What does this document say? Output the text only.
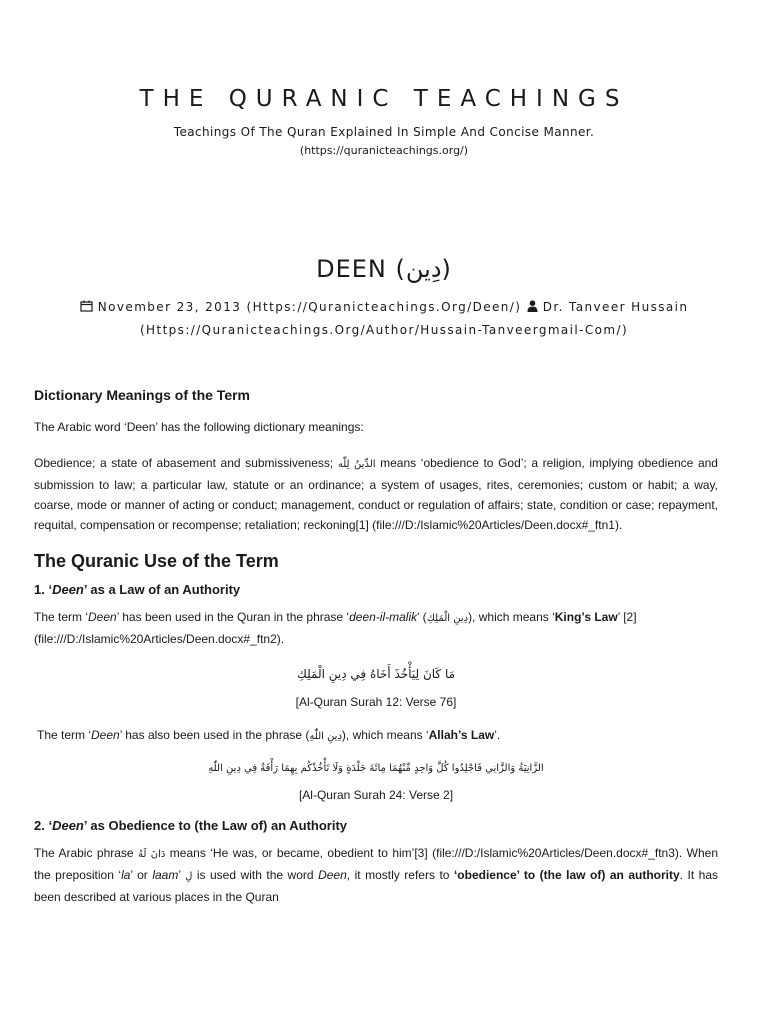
THE QURANIC TEACHINGS
Teachings Of The Quran Explained In Simple And Concise Manner.
(https://quranicteachings.org/)
DEEN (دِین)
November 23, 2013 (Https://Quranicteachings.Org/Deen/) Dr. Tanveer Hussain
(Https://Quranicteachings.Org/Author/Hussain-Tanveergmail-Com/)
Dictionary Meanings of the Term

The Arabic word ‘Deen’ has the following dictionary meanings:

Obedience; a state of abasement and submissiveness; الدِّينُ لِلّٰه means ‘obedience to God’; a religion, implying obedience and submission to law; a particular law, statute or an ordinance; a system of usages, rites, ceremonies; custom or habit; a way, coarse, mode or manner of acting or conduct; management, conduct or regulation of affairs; state, condition or case; repayment, requital, compensation or recompense; retaliation; reckoning[1] (file:///D:/Islamic%20Articles/Deen.docx#_ftn1).

The Quranic Use of the Term
1. ‘Deen’ as a Law of an Authority

The term ‘Deen’ has been used in the Quran in the phrase ‘deen-il-malik’ (دِينِ الْمَلِكِ), which means ‘King’s Law’ [2] (file:///D:/Islamic%20Articles/Deen.docx#_ftn2).

مَا كَانَ لِيَأْخُذَ أَخَاهُ فِي دِينِ الْمَلِكِ
[Al-Quran Surah 12: Verse 76]

The term ‘Deen’ has also been used in the phrase (دِينِ اللّٰهِ), which means ‘Allah’s Law’.

الزَّانِيَةُ وَالزَّانِي فَاجْلِدُوا كُلَّ وَاحِدٍ مِّنْهُمَا مِائَةَ جَلْدَةٍ وَلَا تَأْخُذْكُم بِهِمَا رَأْفَةٌ فِي دِينِ اللّٰهِ
[Al-Quran Surah 24: Verse 2]
2. ‘Deen’ as Obedience to (the Law of) an Authority

The Arabic phrase دَانَ لَهُ means ‘He was, or became, obedient to him’[3] (file:///D:/Islamic%20Articles/Deen.docx#_ftn3). When the preposition ‘la’ or laam’ لِ is used with the word Deen, it mostly refers to ‘obedience’ to (the law of) an authority. It has been described at various places in the Quran
